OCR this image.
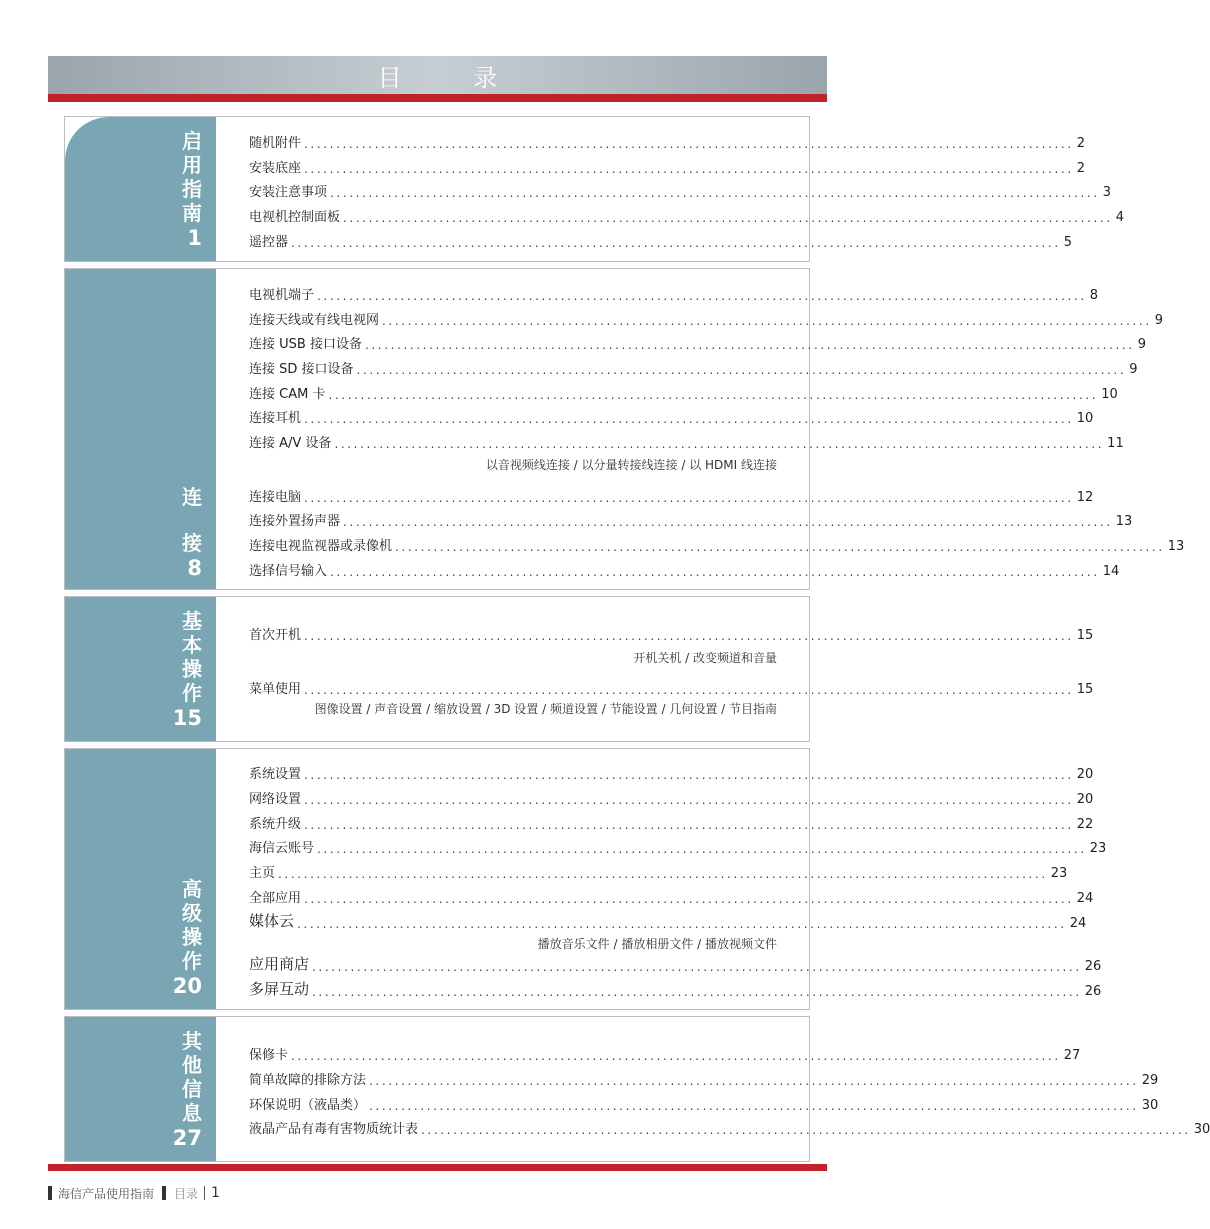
目 录
启
用
指
南
1
随机附件 ........................................................................................................................ 2
安装底座 ........................................................................................................................ 2
安装注意事项 ........................................................................................................................ 3
电视机控制面板 ........................................................................................................................ 4
遥控器 ........................................................................................................................ 5
连
接
8
电视机端子 ........................................................................................................................ 8
连接天线或有线电视网 ........................................................................................................................ 9
连接 USB 接口设备 ........................................................................................................................ 9
连接 SD 接口设备 ........................................................................................................................ 9
连接 CAM 卡 ........................................................................................................................ 10
连接耳机 ........................................................................................................................ 10
连接 A/V 设备 ........................................................................................................................ 11
以音视频线连接 / 以分量转接线连接 / 以 HDMI 线连接
连接电脑 ........................................................................................................................ 12
连接外置扬声器 ........................................................................................................................ 13
连接电视监视器或录像机 ........................................................................................................................ 13
选择信号输入 ........................................................................................................................ 14
基
本
操
作
15
首次开机 ........................................................................................................................ 15
开机关机 / 改变频道和音量
菜单使用 ........................................................................................................................ 15
图像设置 / 声音设置 / 缩放设置 / 3D 设置 / 频道设置 / 节能设置 / 几何设置 / 节目指南
高
级
操
作
20
系统设置 ........................................................................................................................ 20
网络设置 ........................................................................................................................ 20
系统升级 ........................................................................................................................ 22
海信云账号 ........................................................................................................................ 23
主页 ........................................................................................................................ 23
全部应用 ........................................................................................................................ 24
媒体云 ........................................................................................................................ 24
播放音乐文件 / 播放相册文件 / 播放视频文件
应用商店 ........................................................................................................................ 26
多屏互动 ........................................................................................................................ 26
其
他
信
息
27
保修卡 ........................................................................................................................ 27
简单故障的排除方法 ........................................................................................................................ 29
环保说明（液晶类） ........................................................................................................................ 30
液晶产品有毒有害物质统计表 ........................................................................................................................ 30
海信产品使用指南 目录 1
